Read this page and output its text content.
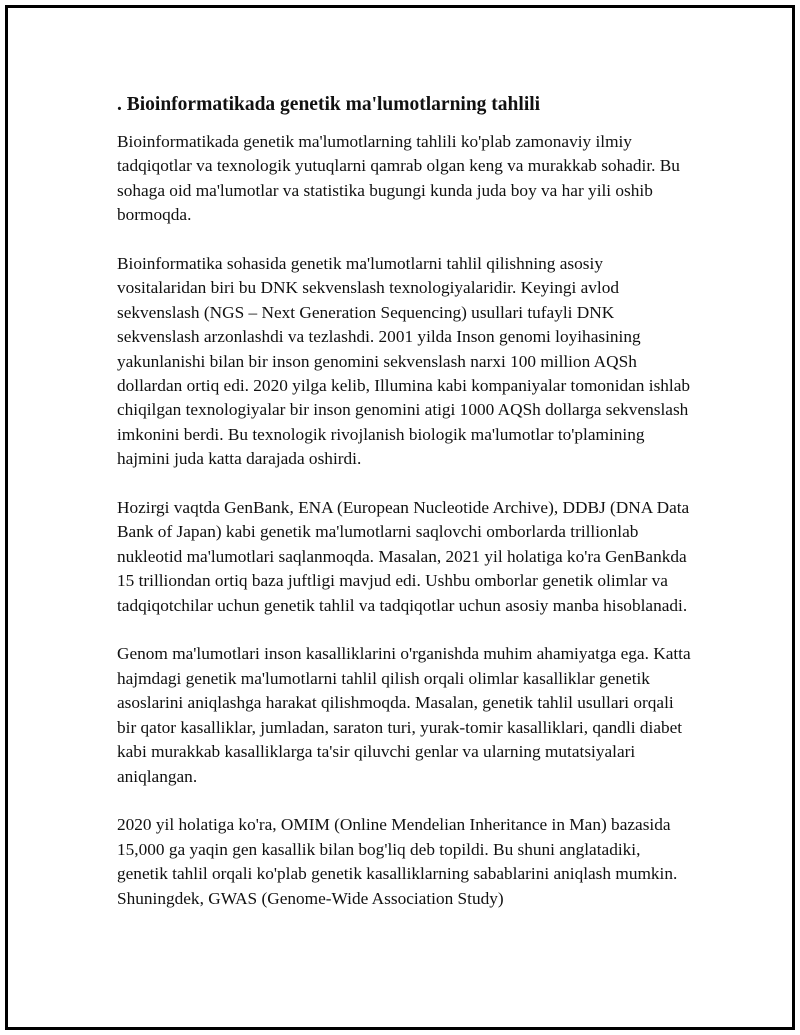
. Bioinformatikada genetik ma'lumotlarning tahlili

Bioinformatikada genetik ma'lumotlarning tahlili ko'plab zamonaviy ilmiy tadqiqotlar va texnologik yutuqlarni qamrab olgan keng va murakkab sohadir. Bu sohaga oid ma'lumotlar va statistika bugungi kunda juda boy va har yili oshib bormoqda.

Bioinformatika sohasida genetik ma'lumotlarni tahlil qilishning asosiy vositalaridan biri bu DNK sekvenslash texnologiyalaridir. Keyingi avlod sekvenslash (NGS – Next Generation Sequencing) usullari tufayli DNK sekvenslash arzonlashdi va tezlashdi. 2001 yilda Inson genomi loyihasining yakunlanishi bilan bir inson genomini sekvenslash narxi 100 million AQSh dollardan ortiq edi. 2020 yilga kelib, Illumina kabi kompaniyalar tomonidan ishlab chiqilgan texnologiyalar bir inson genomini atigi 1000 AQSh dollarga sekvenslash imkonini berdi. Bu texnologik rivojlanish biologik ma'lumotlar to'plamining hajmini juda katta darajada oshirdi.

Hozirgi vaqtda GenBank, ENA (European Nucleotide Archive), DDBJ (DNA Data Bank of Japan) kabi genetik ma'lumotlarni saqlovchi omborlarda trillionlab nukleotid ma'lumotlari saqlanmoqda. Masalan, 2021 yil holatiga ko'ra GenBankda 15 trilliondan ortiq baza juftligi mavjud edi. Ushbu omborlar genetik olimlar va tadqiqotchilar uchun genetik tahlil va tadqiqotlar uchun asosiy manba hisoblanadi.

Genom ma'lumotlari inson kasalliklarini o'rganishda muhim ahamiyatga ega. Katta hajmdagi genetik ma'lumotlarni tahlil qilish orqali olimlar kasalliklar genetik asoslarini aniqlashga harakat qilishmoqda. Masalan, genetik tahlil usullari orqali bir qator kasalliklar, jumladan, saraton turi, yurak-tomir kasalliklari, qandli diabet kabi murakkab kasalliklarga ta'sir qiluvchi genlar va ularning mutatsiyalari aniqlangan.

2020 yil holatiga ko'ra, OMIM (Online Mendelian Inheritance in Man) bazasida 15,000 ga yaqin gen kasallik bilan bog'liq deb topildi. Bu shuni anglatadiki, genetik tahlil orqali ko'plab genetik kasalliklarning sabablarini aniqlash mumkin. Shuningdek, GWAS (Genome-Wide Association Study)
